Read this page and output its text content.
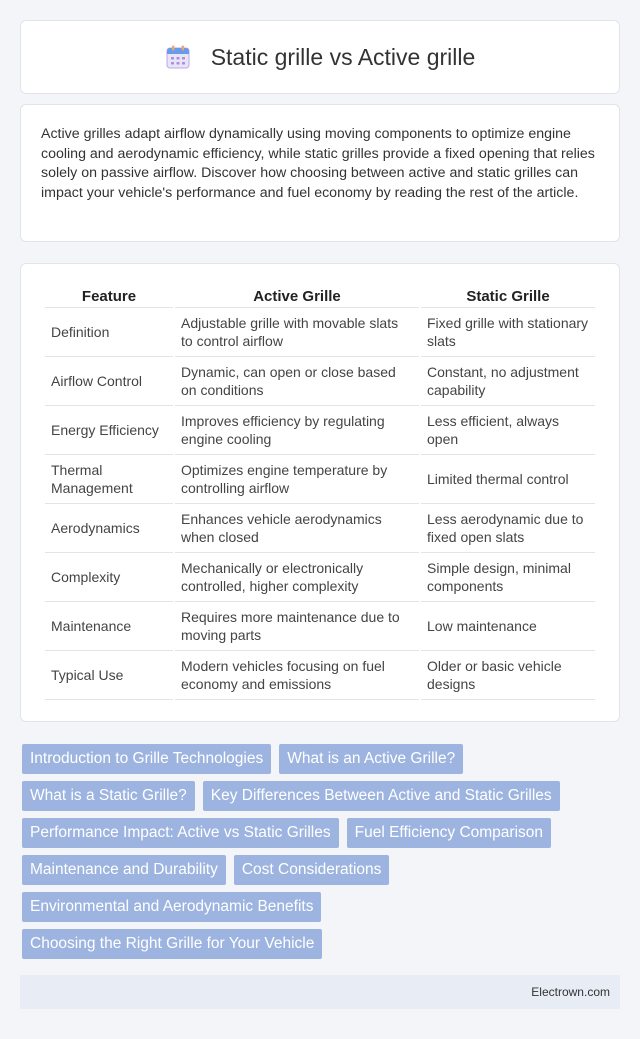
Static grille vs Active grille

Active grilles adapt airflow dynamically using moving components to optimize engine cooling and aerodynamic efficiency, while static grilles provide a fixed opening that relies solely on passive airflow. Discover how choosing between active and static grilles can impact your vehicle's performance and fuel economy by reading the rest of the article.

Feature	Active Grille	Static Grille
Definition	Adjustable grille with movable slats to control airflow	Fixed grille with stationary slats
Airflow Control	Dynamic, can open or close based on conditions	Constant, no adjustment capability
Energy Efficiency	Improves efficiency by regulating engine cooling	Less efficient, always open
Thermal Management	Optimizes engine temperature by controlling airflow	Limited thermal control
Aerodynamics	Enhances vehicle aerodynamics when closed	Less aerodynamic due to fixed open slats
Complexity	Mechanically or electronically controlled, higher complexity	Simple design, minimal components
Maintenance	Requires more maintenance due to moving parts	Low maintenance
Typical Use	Modern vehicles focusing on fuel economy and emissions	Older or basic vehicle designs
Introduction to Grille Technologies	What is an Active Grille?
What is a Static Grille?	Key Differences Between Active and Static Grilles
Performance Impact: Active vs Static Grilles	Fuel Efficiency Comparison
Maintenance and Durability	Cost Considerations
Environmental and Aerodynamic Benefits
Choosing the Right Grille for Your Vehicle
Electrown.com
